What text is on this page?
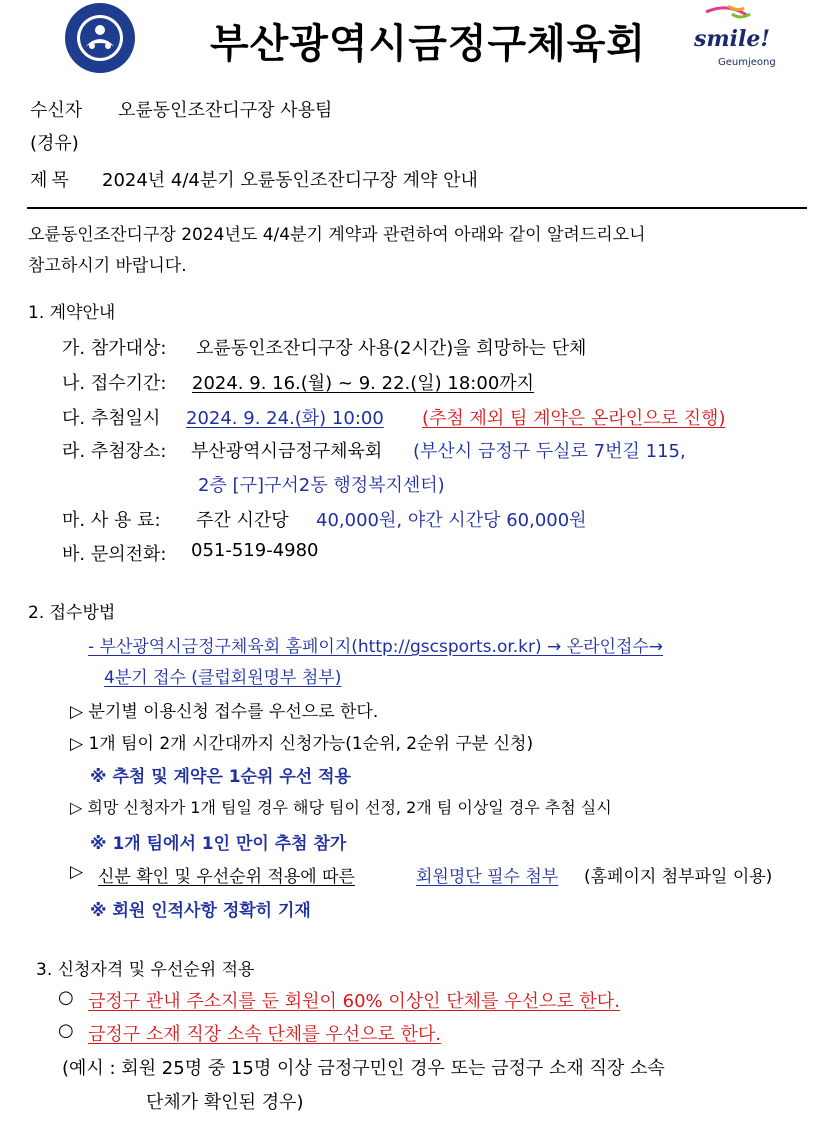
부산광역시금정구체육회 smile!
Geumjeong
수신자 오륜동인조잔디구장 사용팀
(경유)
제목 2024년 4/4분기 오륜동인조잔디구장 계약 안내
오륜동인조잔디구장 2024년도 4/4분기 계약과 관련하여 아래와 같이 알려드리오니
참고하시기 바랍니다.
1. 계약안내
가. 참가대상: 오륜동인조잔디구장 사용(2시간)을 희망하는 단체
나. 접수기간: 2024. 9. 16.(월) ~ 9. 22.(일) 18:00까지
다. 추첨일시 2024. 9. 24.(화) 10:00 (추첨 제외 팀 계약은 온라인으로 진행)
라. 추첨장소: 부산광역시금정구체육회 (부산시 금정구 두실로 7번길 115,
2층 [구]구서2동 행정복지센터)
마. 사 용 료: 주간 시간당 40,000원, 야간 시간당 60,000원
바. 문의전화: 051-519-4980
2. 접수방법
- 부산광역시금정구체육회 홈페이지(http://gscsports.or.kr) → 온라인접수→
4분기 접수 (클럽회원명부 첨부)
▷ 분기별 이용신청 접수를 우선으로 한다.
▷ 1개 팀이 2개 시간대까지 신청가능(1순위, 2순위 구분 신청)
※ 추첨 및 계약은 1순위 우선 적용
▷ 희망 신청자가 1개 팀일 경우 해당 팀이 선정, 2개 팀 이상일 경우 추첨 실시
※ 1개 팀에서 1인 만이 추첨 참가
▷ 신분 확인 및 우선순위 적용에 따른	회원명단 필수 첨부 (홈페이지 첨부파일 이용)
※ 회원 인적사항 정확히 기재
3. 신청자격 및 우선순위 적용
○ 금정구 관내 주소지를 둔 회원이 60% 이상인 단체를 우선으로 한다.
○ 금정구 소재 직장 소속 단체를 우선으로 한다.
(예시 : 회원 25명 중 15명 이상 금정구민인 경우 또는 금정구 소재 직장 소속
단체가 확인된 경우)
